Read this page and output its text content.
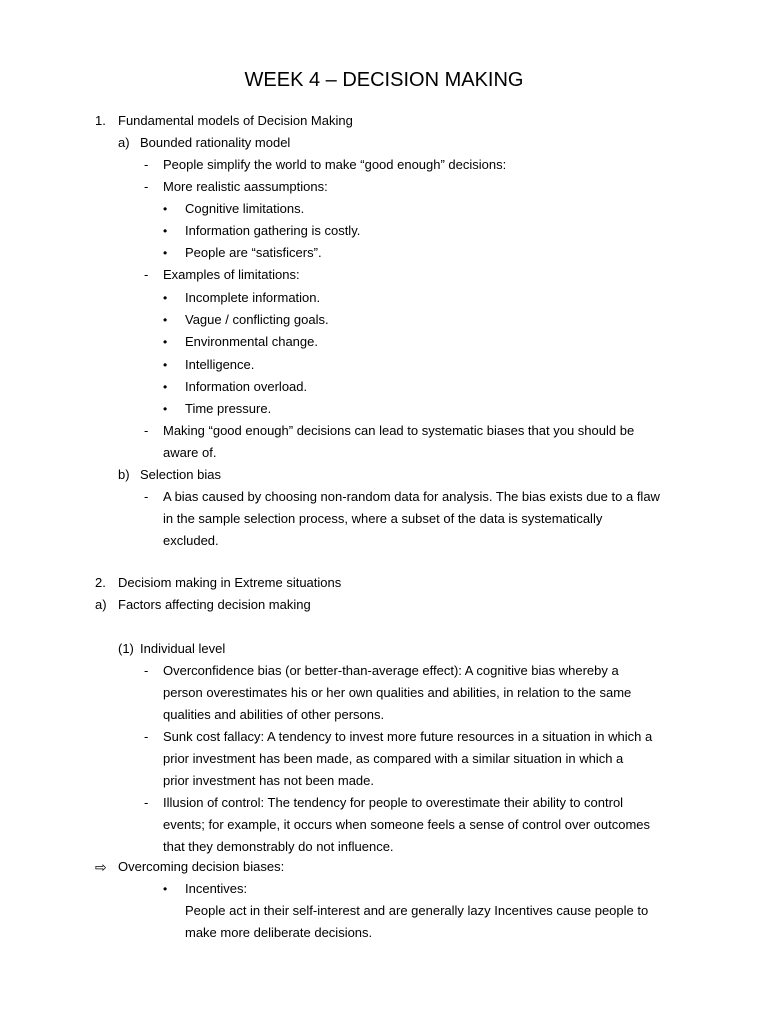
WEEK 4 – DECISION MAKING
1. Fundamental models of Decision Making
a) Bounded rationality model
- People simplify the world to make “good enough” decisions:
- More realistic aassumptions:
• Cognitive limitations.
• Information gathering is costly.
• People are “satisficers”.
- Examples of limitations:
• Incomplete information.
• Vague / conflicting goals.
• Environmental change.
• Intelligence.
• Information overload.
• Time pressure.
- Making “good enough” decisions can lead to systematic biases that you should be
aware of.
b) Selection bias
- A bias caused by choosing non-random data for analysis. The bias exists due to a flaw
in the sample selection process, where a subset of the data is systematically
excluded.
2. Decisiom making in Extreme situations
a) Factors affecting decision making
(1) Individual level
- Overconfidence bias (or better-than-average effect): A cognitive bias whereby a
person overestimates his or her own qualities and abilities, in relation to the same
qualities and abilities of other persons.
- Sunk cost fallacy: A tendency to invest more future resources in a situation in which a
prior investment has been made, as compared with a similar situation in which a
prior investment has not been made.
- Illusion of control: The tendency for people to overestimate their ability to control
events; for example, it occurs when someone feels a sense of control over outcomes
that they demonstrably do not influence.
⇨ Overcoming decision biases:
• Incentives:
People act in their self-interest and are generally lazy Incentives cause people to
make more deliberate decisions.
